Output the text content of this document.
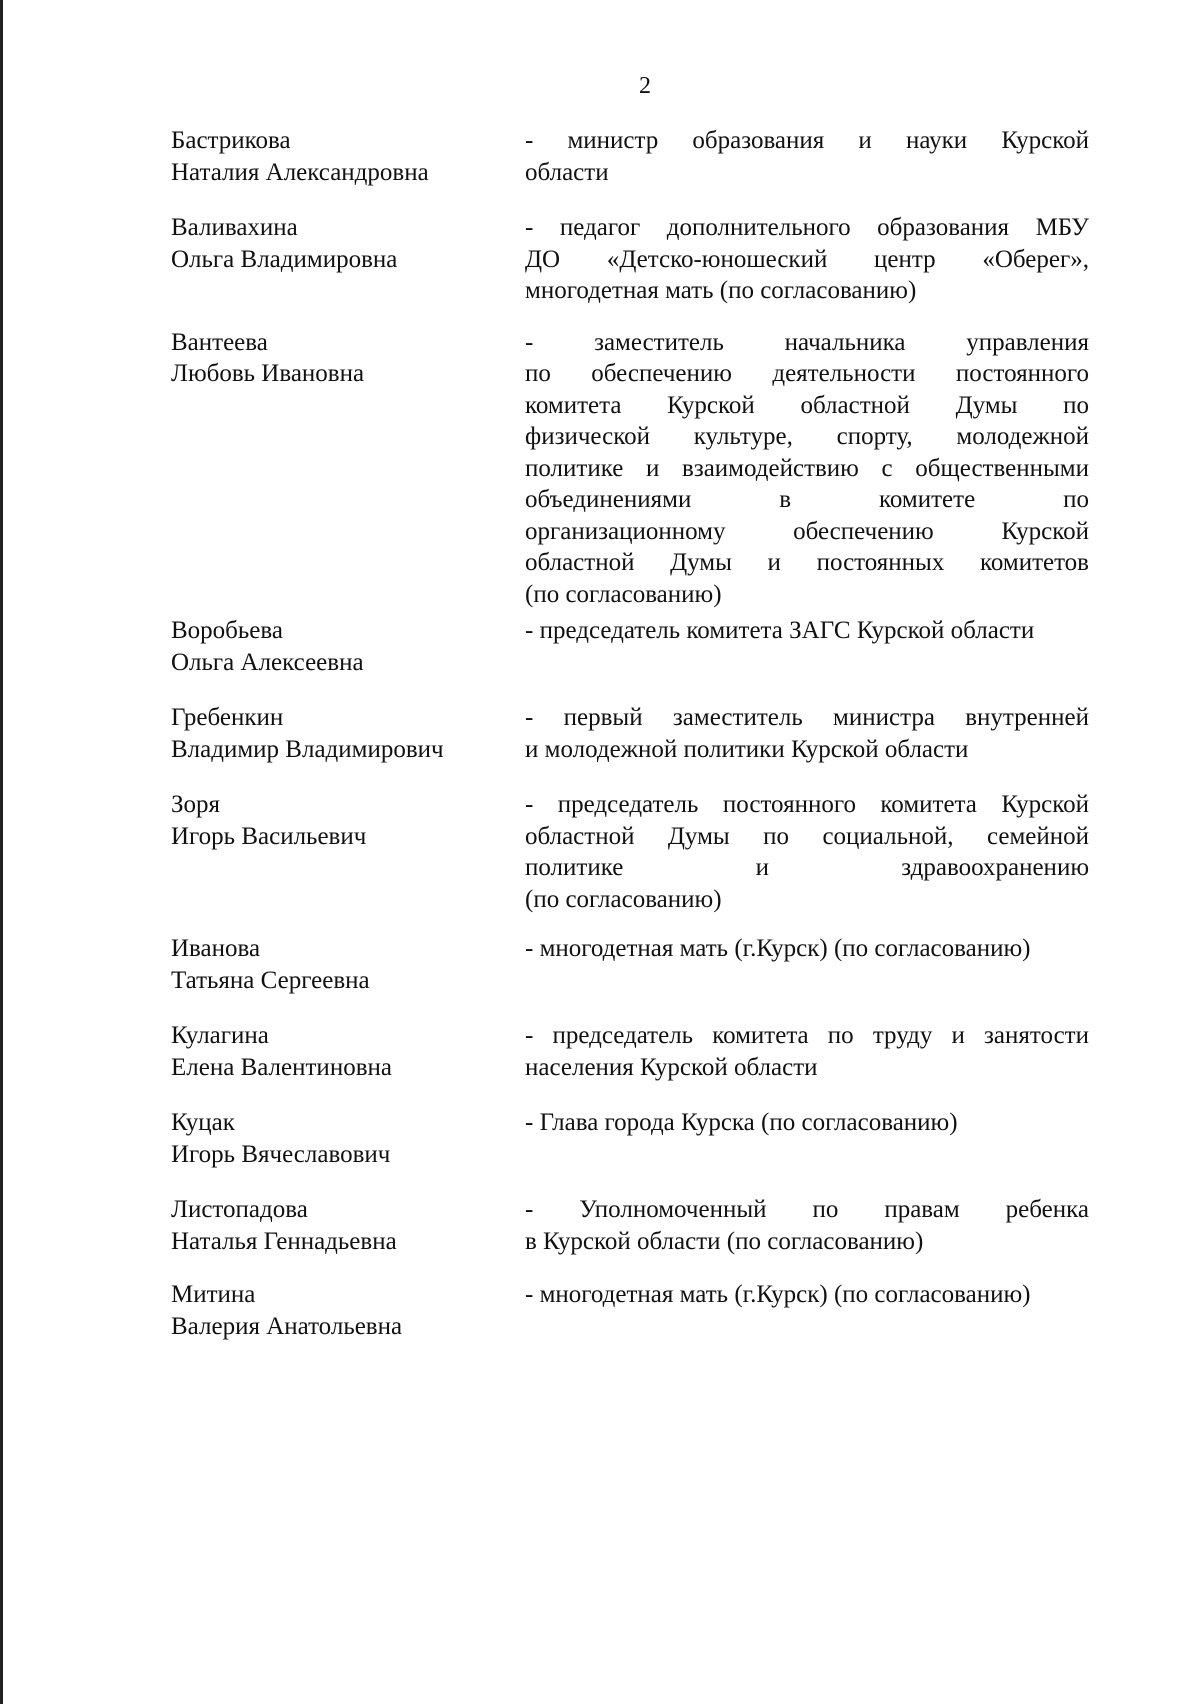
2
Бастрикова
Наталия Александровна
- министр образования и науки Курской
области
Валивахина
Ольга Владимировна
- педагог дополнительного образования МБУ
ДО «Детско-юношеский центр «Оберег»,
многодетная мать (по согласованию)
Вантеева
Любовь Ивановна
- заместитель начальника управления
по обеспечению деятельности постоянного
комитета Курской областной Думы по
физической культуре, спорту, молодежной
политике и взаимодействию с общественными
объединениями в комитете по
организационному обеспечению Курской
областной Думы и постоянных комитетов
(по согласованию)
Воробьева
Ольга Алексеевна
- председатель комитета ЗАГС Курской области
Гребенкин
Владимир Владимирович
- первый заместитель министра внутренней
и молодежной политики Курской области
Зоря
Игорь Васильевич
- председатель постоянного комитета Курской
областной Думы по социальной, семейной
политике и здравоохранению
(по согласованию)
Иванова
Татьяна Сергеевна
- многодетная мать (г.Курск) (по согласованию)
Кулагина
Елена Валентиновна
- председатель комитета по труду и занятости
населения Курской области
Куцак
Игорь Вячеславович
- Глава города Курска (по согласованию)
Листопадова
Наталья Геннадьевна
- Уполномоченный по правам ребенка
в Курской области (по согласованию)
Митина
Валерия Анатольевна
- многодетная мать (г.Курск) (по согласованию)
